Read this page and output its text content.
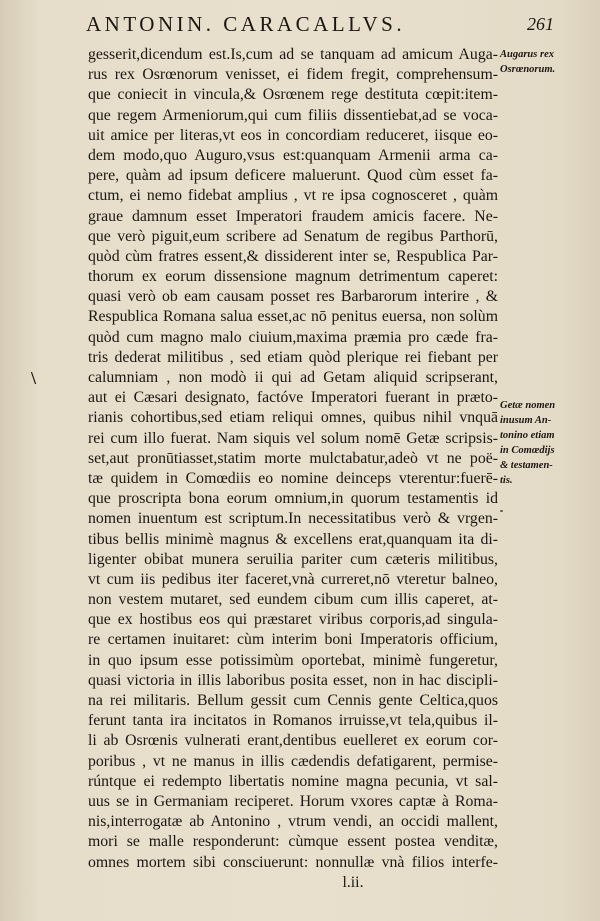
ANTONIN. CARACALLVS.	261
\
gesserit,dicendum est.Is,cum ad se tanquam ad amicum Auga-
rus rex Osrœnorum venisset, ei fidem fregit, comprehensum-
que coniecit in vincula,& Osrœnem rege destituta cœpit:item-
que regem Armeniorum,qui cum filiis dissentiebat,ad se voca-
uit amice per literas,vt eos in concordiam reduceret, iisque eo-
dem modo,quo Auguro,vsus est:quanquam Armenii arma ca-
pere, quàm ad ipsum deficere maluerunt. Quod cùm esset fa-
ctum, ei nemo fidebat amplius , vt re ipsa cognosceret , quàm
graue damnum esset Imperatori fraudem amicis facere. Ne-
que verò piguit,eum scribere ad Senatum de regibus Parthorū,
quòd cùm fratres essent,& dissiderent inter se, Respublica Par-
thorum ex eorum dissensione magnum detrimentum caperet:
quasi verò ob eam causam posset res Barbarorum interire , &
Respublica Romana salua esset,ac nō penitus euersa, non solùm
quòd cum magno malo ciuium,maxima præmia pro cæde fra-
tris dederat militibus , sed etiam quòd plerique rei fiebant per
calumniam , non modò ii qui ad Getam aliquid scripserant,
aut ei Cæsari designato, factóve Imperatori fuerant in præto-
rianis cohortibus,sed etiam reliqui omnes, quibus nihil vnquā
rei cum illo fuerat. Nam siquis vel solum nomē Getæ scripsis-
set,aut pronūtiasset,statim morte mulctabatur,adeò vt ne poë-
tæ quidem in Comœdiis eo nomine deinceps vterentur:fuerē-
que proscripta bona eorum omnium,in quorum testamentis id
nomen inuentum est scriptum.In necessitatibus verò & vrgen-
tibus bellis minimè magnus & excellens erat,quanquam ita di-
ligenter obibat munera seruilia pariter cum cæteris militibus,
vt cum iis pedibus iter faceret,vnà curreret,nō vteretur balneo,
non vestem mutaret, sed eundem cibum cum illis caperet, at-
que ex hostibus eos qui præstaret viribus corporis,ad singula-
re certamen inuitaret: cùm interim boni Imperatoris officium,
in quo ipsum esse potissimùm oportebat, minimè fungeretur,
quasi victoria in illis laboribus posita esset, non in hac discipli-
na rei militaris. Bellum gessit cum Cennis gente Celtica,quos
ferunt tanta ira incitatos in Romanos irruisse,vt tela,quibus il-
li ab Osrœnis vulnerati erant,dentibus euelleret ex eorum cor-
poribus , vt ne manus in illis cædendis defatigarent, permise-
rúntque ei redempto libertatis nomine magna pecunia, vt sal-
uus se in Germaniam reciperet. Horum vxores captæ à Roma-
nis,interrogatæ ab Antonino , vtrum vendi, an occidi mallent,
mori se malle responderunt: cùmque essent postea venditæ,
omnes mortem sibi consciuerunt: nonnullæ vnà filios interfe-
l.ii.
Augarus rex
Osrœnorum.
Getæ nomen
inusum An-
tonino etiam
in Comœdijs
& testamen-
tis.
